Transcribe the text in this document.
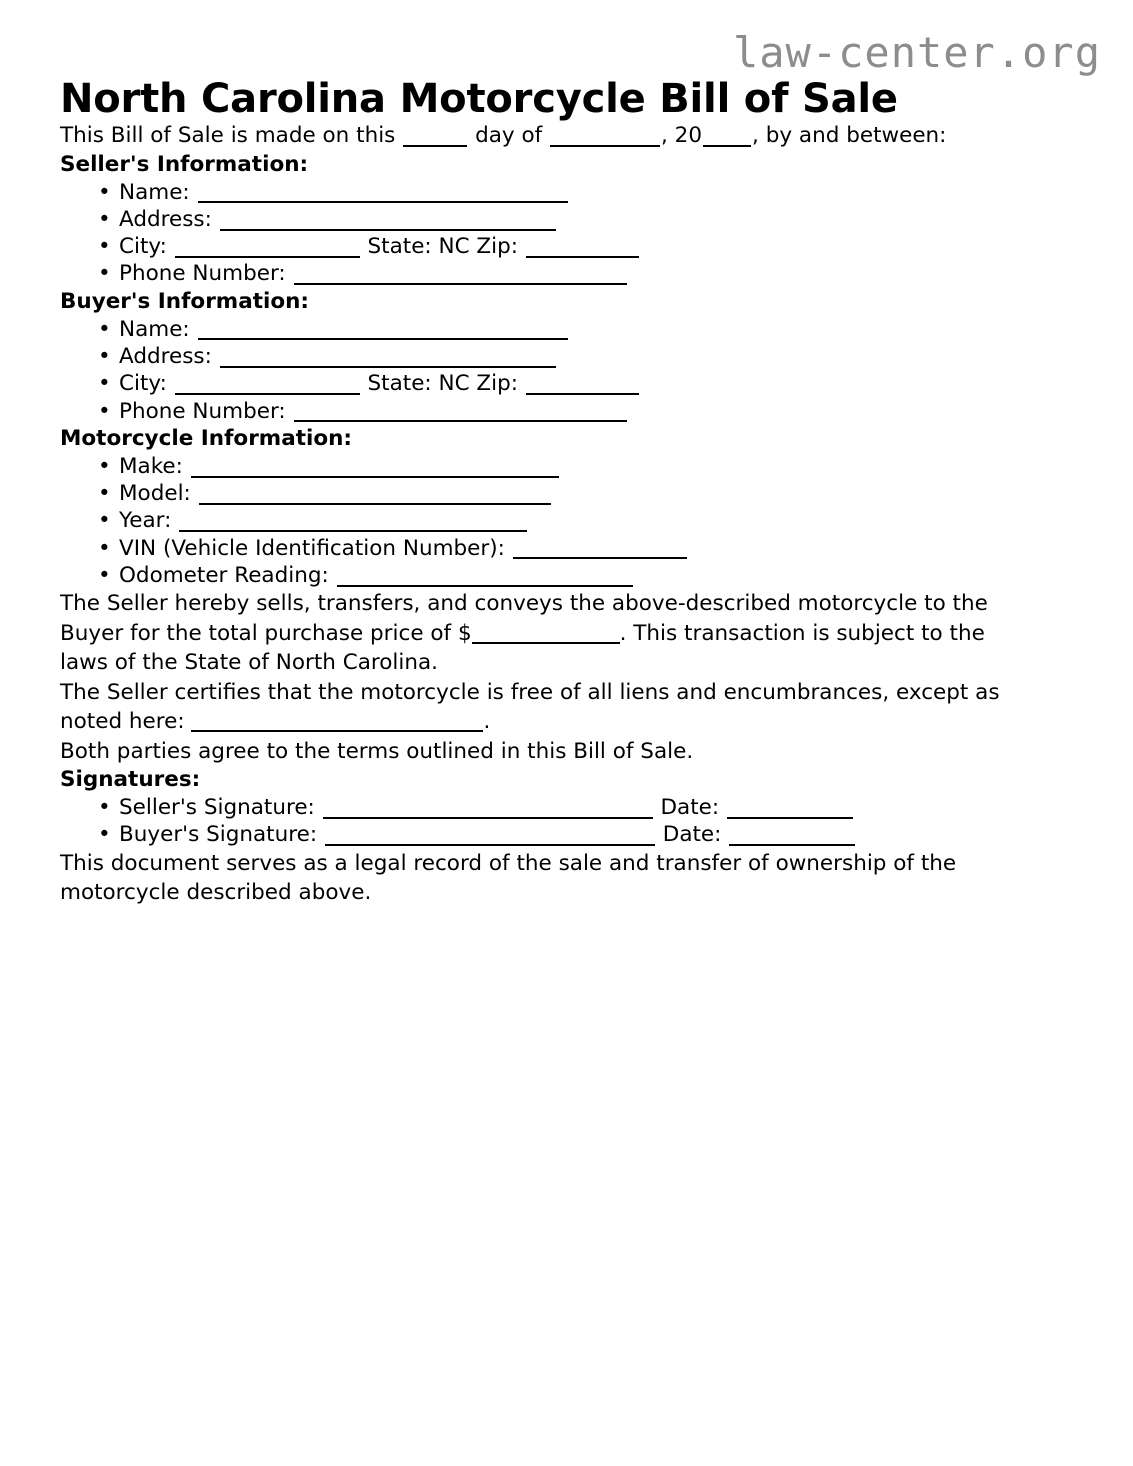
law-center.org
North Carolina Motorcycle Bill of Sale

This Bill of Sale is made on this	day of	, 20 , by and between:

Seller's Information:
• Name:
• Address:
• City:	State: NC Zip:
• Phone Number:
Buyer's Information:
• Name:
• Address:
• City:	State: NC Zip:
• Phone Number:
Motorcycle Information:
• Make:
• Model:
• Year:
• VIN (Vehicle Identification Number):
• Odometer Reading:

The Seller hereby sells, transfers, and conveys the above-described motorcycle to the Buyer for the total purchase price of $	. This transaction is subject to the laws of the State of North Carolina.

The Seller certifies that the motorcycle is free of all liens and encumbrances, except as noted here:	.

Both parties agree to the terms outlined in this Bill of Sale.

Signatures:
• Seller's Signature:	Date:
• Buyer's Signature:	Date:

This document serves as a legal record of the sale and transfer of ownership of the motorcycle described above.
